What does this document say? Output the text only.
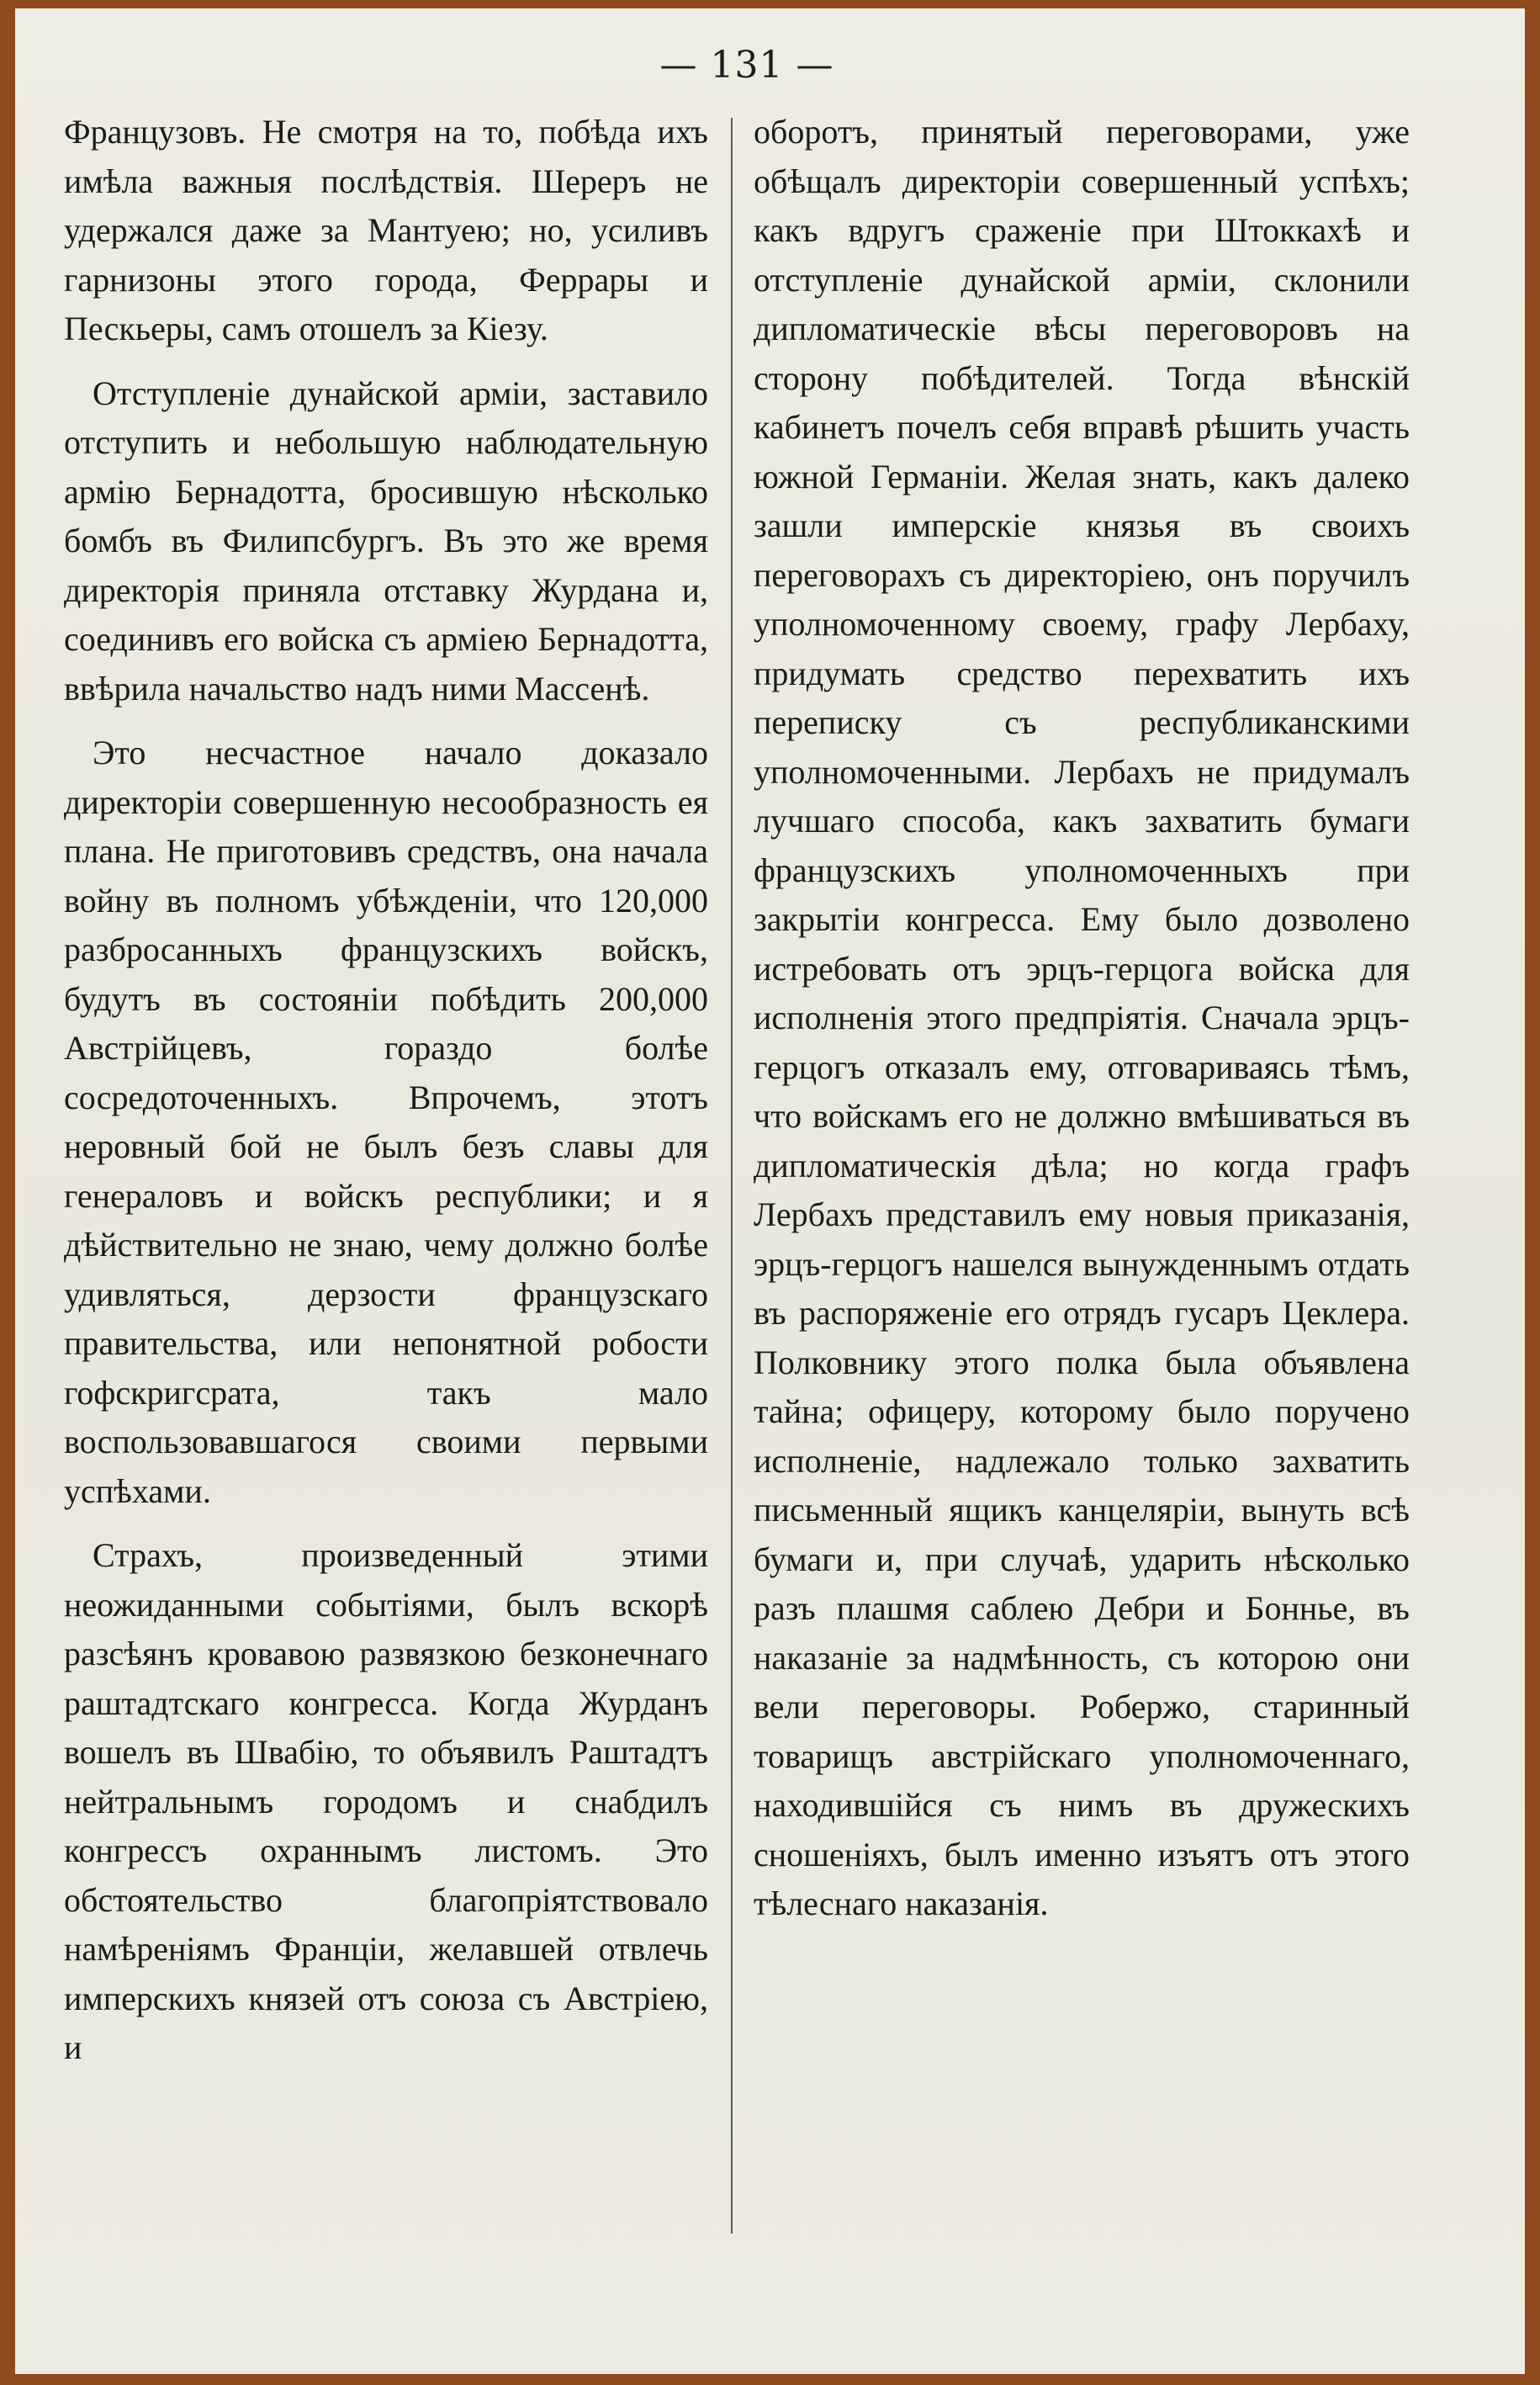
— 131 —

Французовъ. Не смотря на то, побѣда ихъ имѣла важныя послѣдствія. Шереръ не удержался даже за Мантуею; но, усиливъ гарнизоны этого города, Феррары и Пескьеры, самъ отошелъ за Кіезу.

Отступленіе дунайской арміи, заставило отступить и небольшую наблюдательную армію Бернадотта, бросившую нѣсколько бомбъ въ Филипсбургъ. Въ это же время директорія приняла отставку Журдана и, соединивъ его войска съ арміею Бернадотта, ввѣрила начальство надъ ними Массенѣ.

Это несчастное начало доказало директоріи совершенную несообразность ея плана. Не приготовивъ средствъ, она начала войну въ полномъ убѣжденіи, что 120,000 разбросанныхъ французскихъ войскъ, будутъ въ состояніи побѣдить 200,000 Австрійцевъ, гораздо болѣе сосредоточенныхъ. Впрочемъ, этотъ неровный бой не былъ безъ славы для генераловъ и войскъ республики; и я дѣйствительно не знаю, чему должно болѣе удивляться, дерзости французскаго правительства, или непонятной робости гофскригсрата, такъ мало воспользовавшагося своими первыми успѣхами.

Страхъ, произведенный этими неожиданными событіями, былъ вскорѣ разсѣянъ кровавою развязкою безконечнаго раштадтскаго конгресса. Когда Журданъ вошелъ въ Швабію, то объявилъ Раштадтъ нейтральнымъ городомъ и снабдилъ конгрессъ охраннымъ листомъ. Это обстоятельство благопріятствовало намѣреніямъ Франціи, желавшей отвлечь имперскихъ князей отъ союза съ Австріею, и

оборотъ, принятый переговорами, уже обѣщалъ директоріи совершенный успѣхъ; какъ вдругъ сраженіе при Штоккахѣ и отступленіе дунайской арміи, склонили дипломатическіе вѣсы переговоровъ на сторону побѣдителей. Тогда вѣнскій кабинетъ почелъ себя вправѣ рѣшить участь южной Германіи. Желая знать, какъ далеко зашли имперскіе князья въ своихъ переговорахъ съ директоріею, онъ поручилъ уполномоченному своему, графу Лербаху, придумать средство перехватить ихъ переписку съ республиканскими уполномоченными. Лербахъ не придумалъ лучшаго способа, какъ захватить бумаги французскихъ уполномоченныхъ при закрытіи конгресса. Ему было дозволено истребовать отъ эрцъ-герцога войска для исполненія этого предпріятія. Сначала эрцъ-герцогъ отказалъ ему, отговариваясь тѣмъ, что войскамъ его не должно вмѣшиваться въ дипломатическія дѣла; но когда графъ Лербахъ представилъ ему новыя приказанія, эрцъ-герцогъ нашелся вынужденнымъ отдать въ распоряженіе его отрядъ гусаръ Цеклера. Полковнику этого полка была объявлена тайна; офицеру, которому было поручено исполненіе, надлежало только захватить письменный ящикъ канцеляріи, вынуть всѣ бумаги и, при случаѣ, ударить нѣсколько разъ плашмя саблею Дебри и Боннье, въ наказаніе за надмѣнность, съ которою они вели переговоры. Робержо, старинный товарищъ австрійскаго уполномоченнаго, находившійся съ нимъ въ дружескихъ сношеніяхъ, былъ именно изъятъ отъ этого тѣлеснаго наказанія.
